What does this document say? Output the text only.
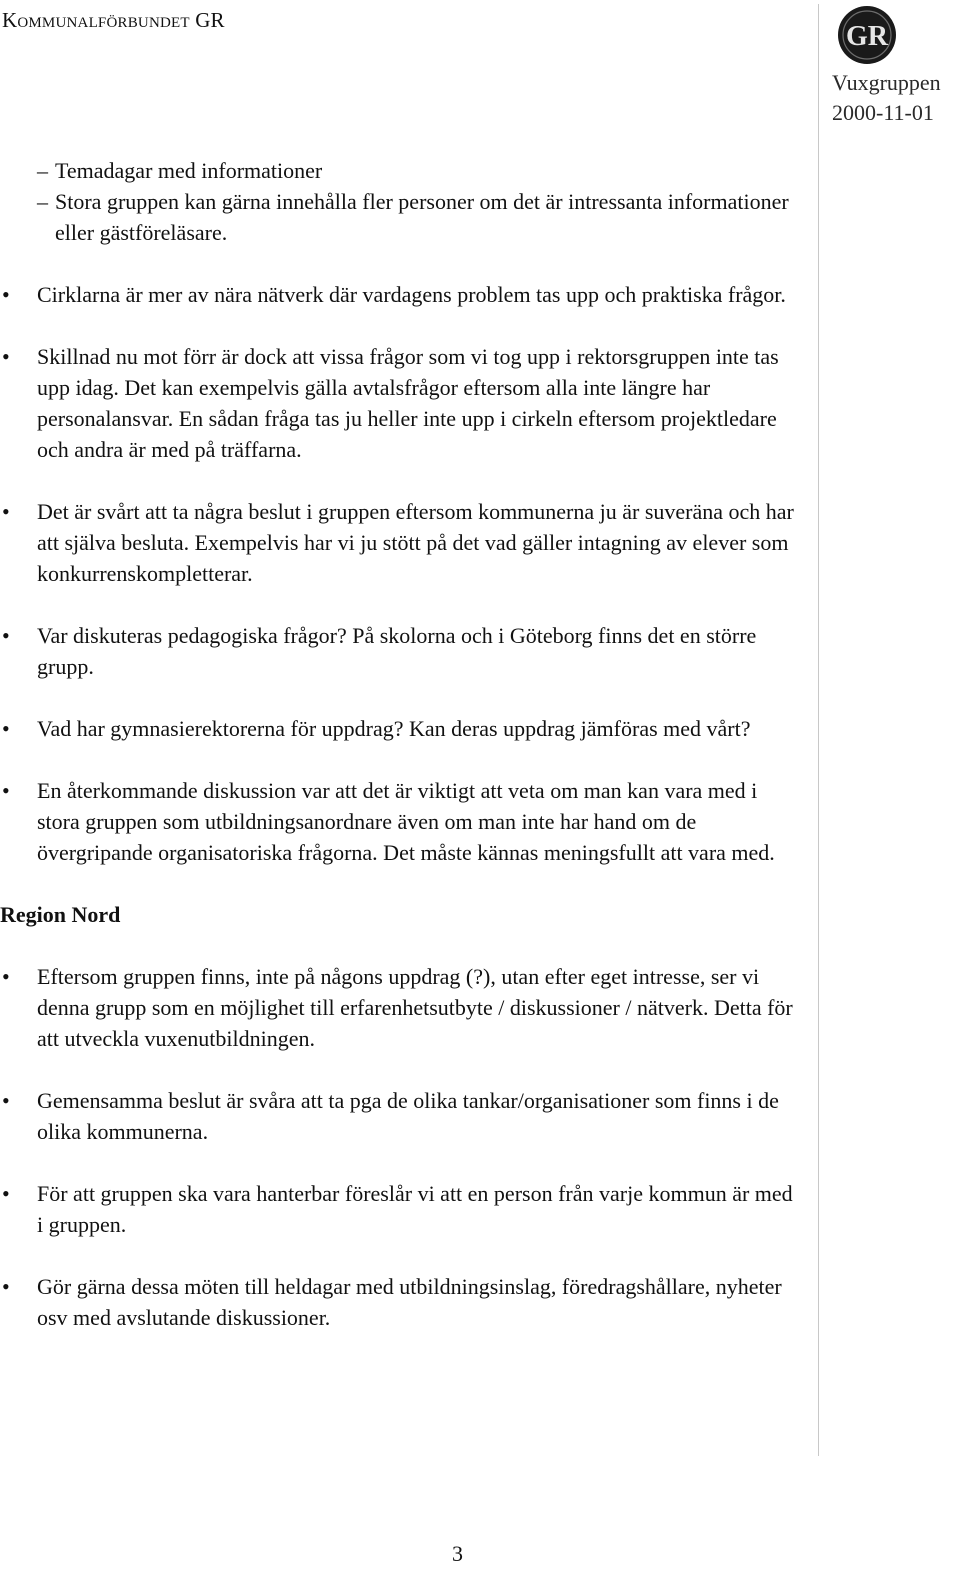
Kommunalförbundet GR
GR
Vuxgruppen
2000-11-01
– Temadagar med informationer
– Stora gruppen kan gärna innehålla fler personer om det är intressanta informationer eller gästföreläsare.
• Cirklarna är mer av nära nätverk där vardagens problem tas upp och praktiska frågor.
• Skillnad nu mot förr är dock att vissa frågor som vi tog upp i rektorsgruppen inte tas upp idag. Det kan exempelvis gälla avtalsfrågor eftersom alla inte längre har personalansvar. En sådan fråga tas ju heller inte upp i cirkeln eftersom projektledare och andra är med på träffarna.
• Det är svårt att ta några beslut i gruppen eftersom kommunerna ju är suveräna och har att själva besluta. Exempelvis har vi ju stött på det vad gäller intagning av elever som konkurrenskompletterar.
• Var diskuteras pedagogiska frågor? På skolorna och i Göteborg finns det en större grupp.
• Vad har gymnasierektorerna för uppdrag? Kan deras uppdrag jämföras med vårt?
• En återkommande diskussion var att det är viktigt att veta om man kan vara med i stora gruppen som utbildningsanordnare även om man inte har hand om de övergripande organisatoriska frågorna. Det måste kännas meningsfullt att vara med.
Region Nord
• Eftersom gruppen finns, inte på någons uppdrag (?), utan efter eget intresse, ser vi denna grupp som en möjlighet till erfarenhetsutbyte / diskussioner / nätverk. Detta för att utveckla vuxenutbildningen.
• Gemensamma beslut är svåra att ta pga de olika tankar/organisationer som finns i de olika kommunerna.
• För att gruppen ska vara hanterbar föreslår vi att en person från varje kommun är med i gruppen.
• Gör gärna dessa möten till heldagar med utbildningsinslag, föredragshållare, nyheter osv med avslutande diskussioner.
3
